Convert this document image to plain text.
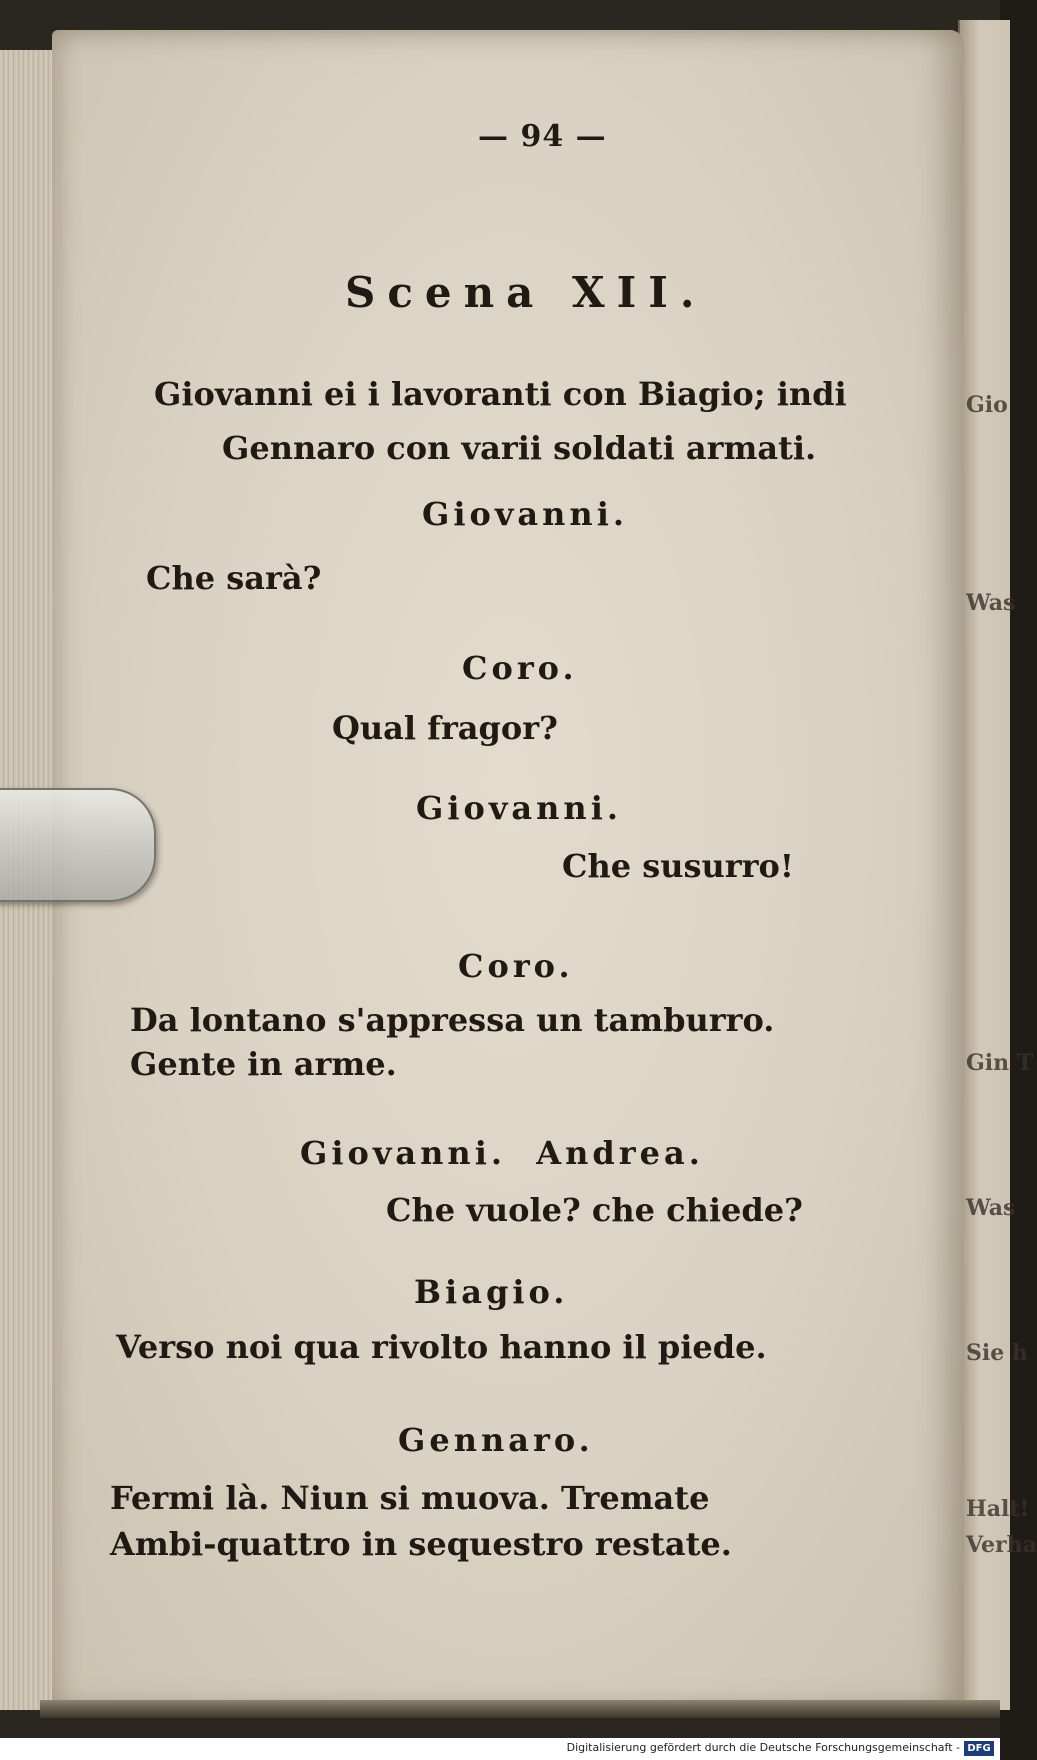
Gio
Was
Gin T
Was
Sie h
Halt!
Verha
— 94 —
Scena XII.
Giovanni ei i lavoranti con Biagio; indi
Gennaro con varii soldati armati.
Giovanni.
Che sarà?
Coro.
Qual fragor?
Giovanni.
Che susurro!
Coro.
Da lontano s'appressa un tamburro.
Gente in arme.
Giovanni.  Andrea.
Che vuole? che chiede?
Biagio.
Verso noi qua rivolto hanno il piede.
Gennaro.
Fermi là. Niun si muova. Tremate
Ambi-quattro in sequestro restate.
Digitalisierung gefördert durch die Deutsche Forschungsgemeinschaft - DFG
